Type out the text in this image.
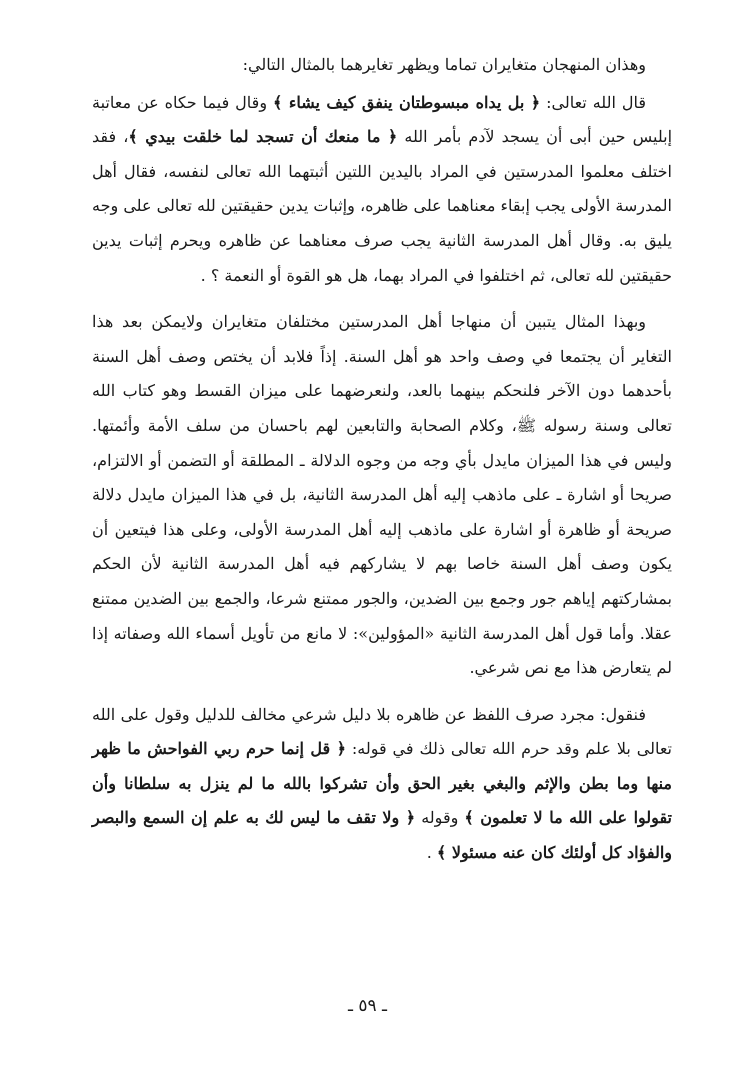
وهذان المنهجان متغايران تماما ويظهر تغايرهما بالمثال التالي:

قال الله تعالى: ﴿ بل يداه مبسوطتان ينفق كيف يشاء ﴾ وقال فيما حكاه عن معاتبة إبليس حين أبى أن يسجد لآدم بأمر الله ﴿ ما منعك أن تسجد لما خلقت بيدي ﴾، فقد اختلف معلموا المدرستين في المراد باليدين اللتين أثبتهما الله تعالى لنفسه، فقال أهل المدرسة الأولى يجب إبقاء معناهما على ظاهره، وإثبات يدين حقيقتين لله تعالى على وجه يليق به. وقال أهل المدرسة الثانية يجب صرف معناهما عن ظاهره ويحرم إثبات يدين حقيقتين لله تعالى، ثم اختلفوا في المراد بهما، هل هو القوة أو النعمة ؟ .

وبهذا المثال يتبين أن منهاجا أهل المدرستين مختلفان متغايران ولايمكن بعد هذا التغاير أن يجتمعا في وصف واحد هو أهل السنة. إذاً فلابد أن يختص وصف أهل السنة بأحدهما دون الآخر فلنحكم بينهما بالعد، ولنعرضهما على ميزان القسط وهو كتاب الله تعالى وسنة رسوله ﷺ، وكلام الصحابة والتابعين لهم باحسان من سلف الأمة وأئمتها. وليس في هذا الميزان مايدل بأي وجه من وجوه الدلالة ـ المطلقة أو التضمن أو الالتزام، صريحا أو اشارة ـ على ماذهب إليه أهل المدرسة الثانية، بل في هذا الميزان مايدل دلالة صريحة أو ظاهرة أو اشارة على ماذهب إليه أهل المدرسة الأولى، وعلى هذا فيتعين أن يكون وصف أهل السنة خاصا بهم لا يشاركهم فيه أهل المدرسة الثانية لأن الحكم بمشاركتهم إياهم جور وجمع بين الضدين، والجور ممتنع شرعا، والجمع بين الضدين ممتنع عقلا. وأما قول أهل المدرسة الثانية «المؤولين»: لا مانع من تأويل أسماء الله وصفاته إذا لم يتعارض هذا مع نص شرعي.

فنقول: مجرد صرف اللفظ عن ظاهره بلا دليل شرعي مخالف للدليل وقول على الله تعالى بلا علم وقد حرم الله تعالى ذلك في قوله: ﴿ قل إنما حرم ربي الفواحش ما ظهر منها وما بطن والإثم والبغي بغير الحق وأن تشركوا بالله ما لم ينزل به سلطانا وأن تقولوا على الله ما لا تعلمون ﴾ وقوله ﴿ ولا تقف ما ليس لك به علم إن السمع والبصر والفؤاد كل أولئك كان عنه مسئولا ﴾ .

ـ ٥٩ ـ
